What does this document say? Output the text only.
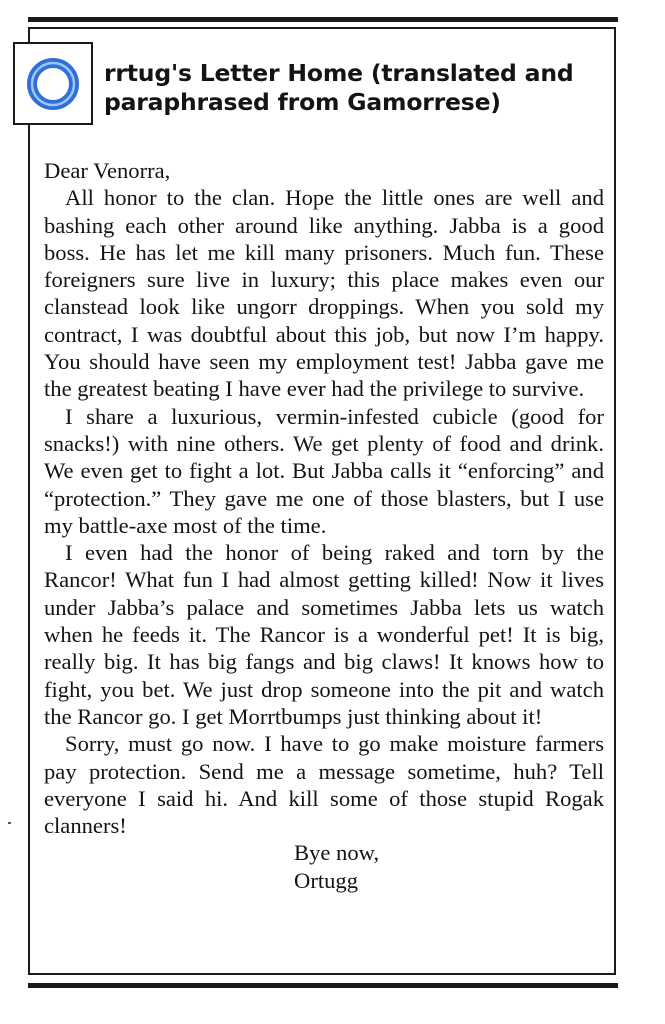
rrtug's Letter Home (translated and
paraphrased from Gamorrese)

Dear Venorra,

All honor to the clan. Hope the little ones are well and bashing each other around like anything. Jabba is a good boss. He has let me kill many prisoners. Much fun. These foreigners sure live in luxury; this place makes even our clanstead look like ungorr droppings. When you sold my contract, I was doubtful about this job, but now I’m happy. You should have seen my employment test! Jabba gave me the greatest beating I have ever had the privilege to survive.

I share a luxurious, vermin-infested cubicle (good for snacks!) with nine others. We get plenty of food and drink. We even get to fight a lot. But Jabba calls it “enforcing” and “protection.” They gave me one of those blasters, but I use my battle-axe most of the time.

I even had the honor of being raked and torn by the Rancor! What fun I had almost getting killed! Now it lives under Jabba’s palace and sometimes Jabba lets us watch when he feeds it. The Rancor is a wonderful pet! It is big, really big. It has big fangs and big claws! It knows how to fight, you bet. We just drop someone into the pit and watch the Rancor go. I get Morrtbumps just thinking about it!

Sorry, must go now. I have to go make moisture farmers pay protection. Send me a message sometime, huh? Tell everyone I said hi. And kill some of those stupid Rogak clanners!

Bye now,
Ortugg
